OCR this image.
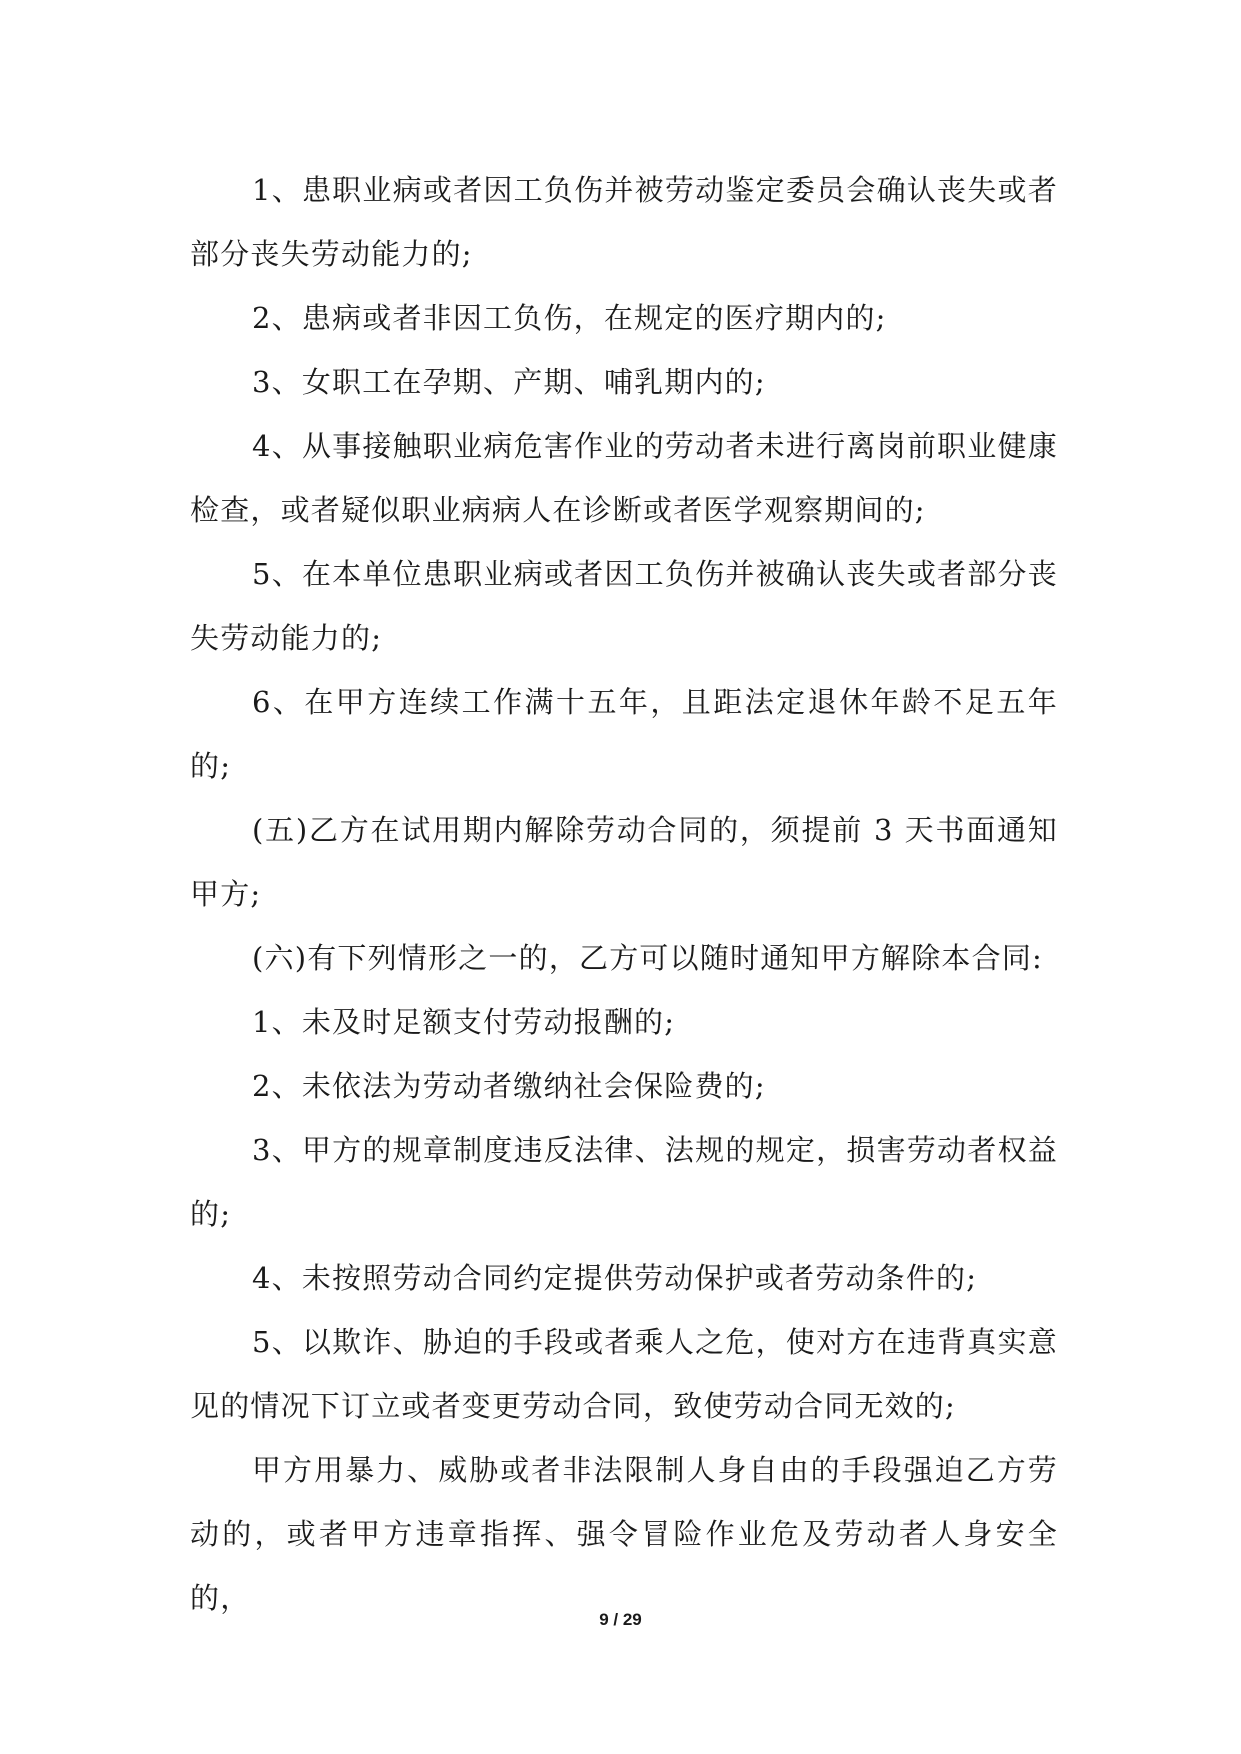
1、患职业病或者因工负伤并被劳动鉴定委员会确认丧失或者部分丧失劳动能力的;

2、患病或者非因工负伤，在规定的医疗期内的;

3、女职工在孕期、产期、哺乳期内的;

4、从事接触职业病危害作业的劳动者未进行离岗前职业健康检查，或者疑似职业病病人在诊断或者医学观察期间的;

5、在本单位患职业病或者因工负伤并被确认丧失或者部分丧失劳动能力的;

6、在甲方连续工作满十五年，且距法定退休年龄不足五年的;

(五)乙方在试用期内解除劳动合同的，须提前 3 天书面通知甲方;

(六)有下列情形之一的，乙方可以随时通知甲方解除本合同:

1、未及时足额支付劳动报酬的;

2、未依法为劳动者缴纳社会保险费的;

3、甲方的规章制度违反法律、法规的规定，损害劳动者权益的;

4、未按照劳动合同约定提供劳动保护或者劳动条件的;

5、以欺诈、胁迫的手段或者乘人之危，使对方在违背真实意见的情况下订立或者变更劳动合同，致使劳动合同无效的;

甲方用暴力、威胁或者非法限制人身自由的手段强迫乙方劳动的，或者甲方违章指挥、强令冒险作业危及劳动者人身安全的，

9 / 29
